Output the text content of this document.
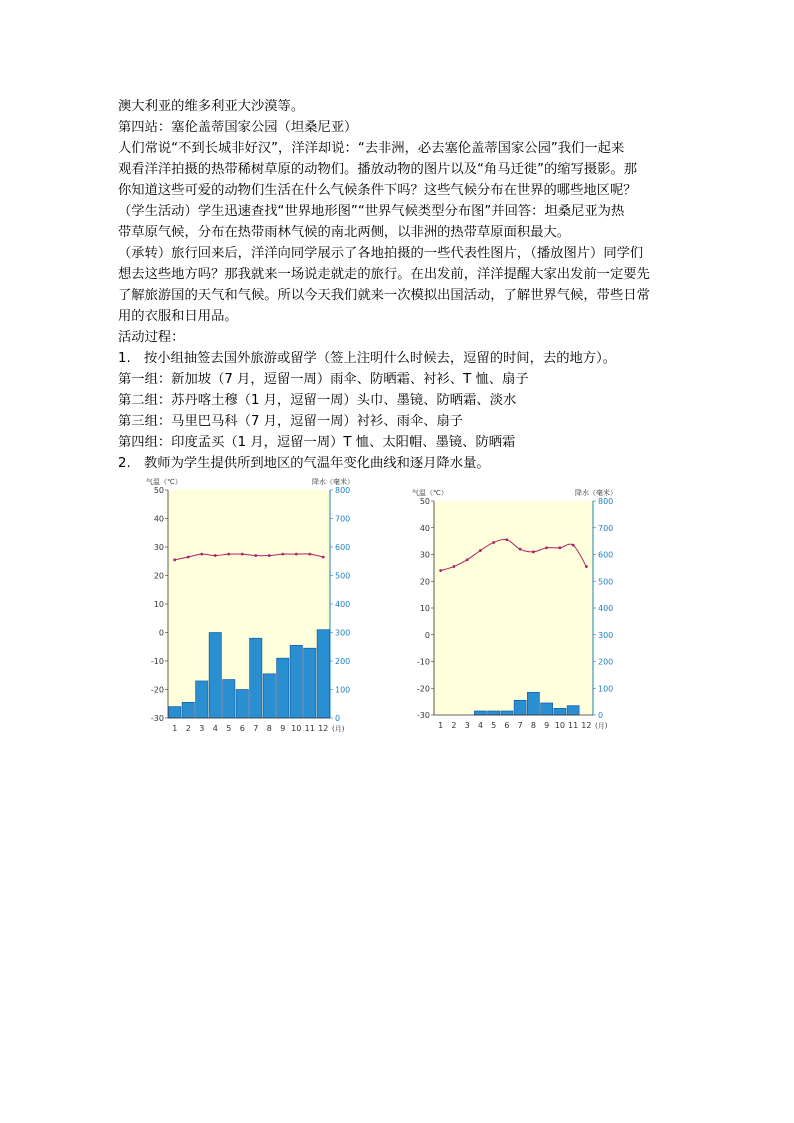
澳大利亚的维多利亚大沙漠等。

第四站：塞伦盖蒂国家公园（坦桑尼亚）

人们常说“不到长城非好汉”，洋洋却说：“去非洲，必去塞伦盖蒂国家公园”我们一起来

观看洋洋拍摄的热带稀树草原的动物们。播放动物的图片以及“角马迁徙”的缩写摄影。那

你知道这些可爱的动物们生活在什么气候条件下吗？这些气候分布在世界的哪些地区呢？

（学生活动）学生迅速查找“世界地形图”“世界气候类型分布图”并回答：坦桑尼亚为热

带草原气候，分布在热带雨林气候的南北两侧，以非洲的热带草原面积最大。

（承转）旅行回来后，洋洋向同学展示了各地拍摄的一些代表性图片，（播放图片）同学们

想去这些地方吗？那我就来一场说走就走的旅行。在出发前，洋洋提醒大家出发前一定要先

了解旅游国的天气和气候。所以今天我们就来一次模拟出国活动，了解世界气候，带些日常

用的衣服和日用品。

活动过程：

1. 按小组抽签去国外旅游或留学（签上注明什么时候去，逗留的时间，去的地方）。

第一组：新加坡（7 月，逗留一周）雨伞、防晒霜、衬衫、T 恤、扇子

第二组：苏丹喀土穆（1 月，逗留一周）头巾、墨镜、防晒霜、淡水

第三组：马里巴马科（7 月，逗留一周）衬衫、雨伞、扇子

第四组：印度孟买（1 月，逗留一周）T 恤、太阳帽、墨镜、防晒霜

2. 教师为学生提供所到地区的气温年变化曲线和逐月降水量。

气温（℃）	降水（毫米）
50
40
30
20
10
0
-10
-20
-30
800
700
600
500
400
300
200
100
0
1 2 3 4 5 6 7 8 9 10 11 12 (月)
气温（℃）	降水（毫米）
50
40
30
20
10
0
-10
-20
-30
800
700
600
500
400
300
200
100
0
1 2 3 4 5 6 7 8 9 10 11 12 (月)
